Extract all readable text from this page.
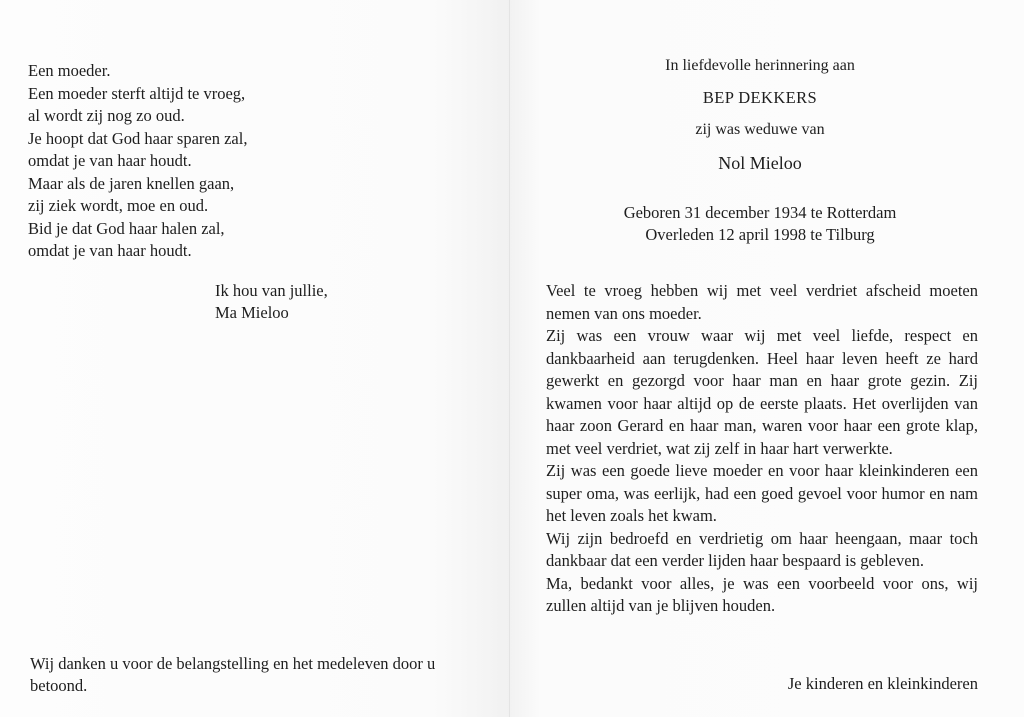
Een moeder.
Een moeder sterft altijd te vroeg,
al wordt zij nog zo oud.
Je hoopt dat God haar sparen zal,
omdat je van haar houdt.
Maar als de jaren knellen gaan,
zij ziek wordt, moe en oud.
Bid je dat God haar halen zal,
omdat je van haar houdt.
Ik hou van jullie,
Ma Mieloo
Wij danken u voor de belangstelling en het medeleven door u betoond.
In liefdevolle herinnering aan
BEP DEKKERS
zij was weduwe van
Nol Mieloo
Geboren 31 december 1934 te Rotterdam
Overleden 12 april 1998 te Tilburg

Veel te vroeg hebben wij met veel verdriet afscheid moeten nemen van ons moeder.

Zij was een vrouw waar wij met veel liefde, respect en dankbaarheid aan terugdenken. Heel haar leven heeft ze hard gewerkt en gezorgd voor haar man en haar grote gezin. Zij kwamen voor haar altijd op de eerste plaats. Het overlijden van haar zoon Gerard en haar man, waren voor haar een grote klap, met veel verdriet, wat zij zelf in haar hart verwerkte.

Zij was een goede lieve moeder en voor haar kleinkinderen een super oma, was eerlijk, had een goed gevoel voor humor en nam het leven zoals het kwam.

Wij zijn bedroefd en verdrietig om haar heengaan, maar toch dankbaar dat een verder lijden haar bespaard is gebleven.

Ma, bedankt voor alles, je was een voorbeeld voor ons, wij zullen altijd van je blijven houden.

Je kinderen en kleinkinderen
